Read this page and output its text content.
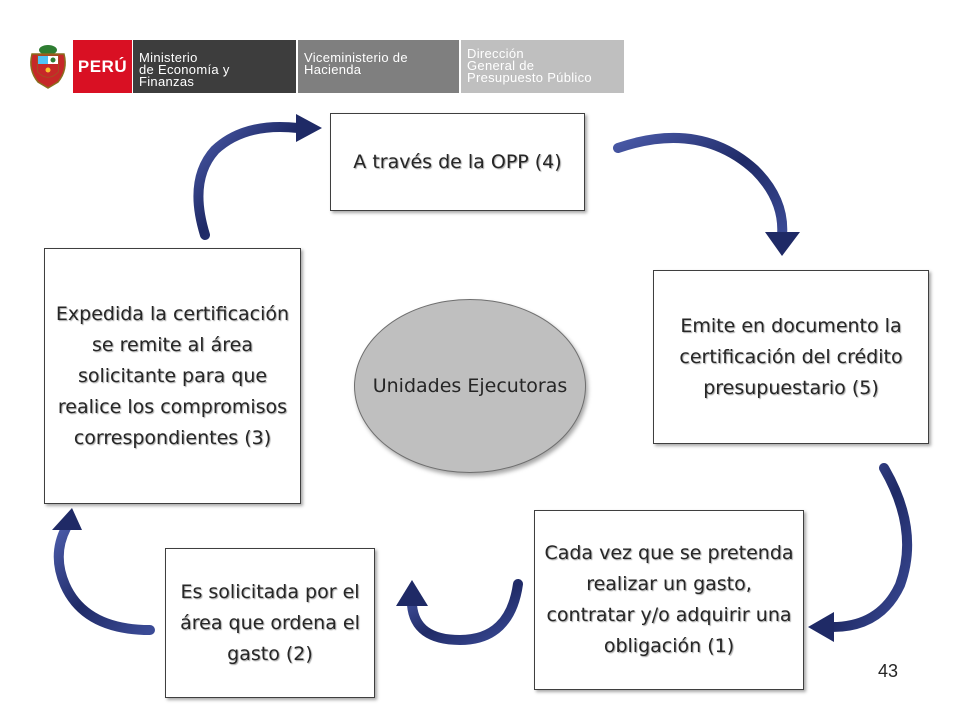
PERÚ Ministerio
de Economía y
Finanzas
Viceministerio de
Hacienda
Dirección
General de
Presupuesto Público
A través de la OPP (4)
Emite en documento la certificación del crédito presupuestario (5)
Cada vez que se pretenda realizar un gasto, contratar y/o adquirir una obligación (1)
Es solicitada por el área que ordena el gasto (2)
Expedida la certificación se remite al área solicitante para que realice los compromisos correspondientes (3)
Unidades Ejecutoras
43
